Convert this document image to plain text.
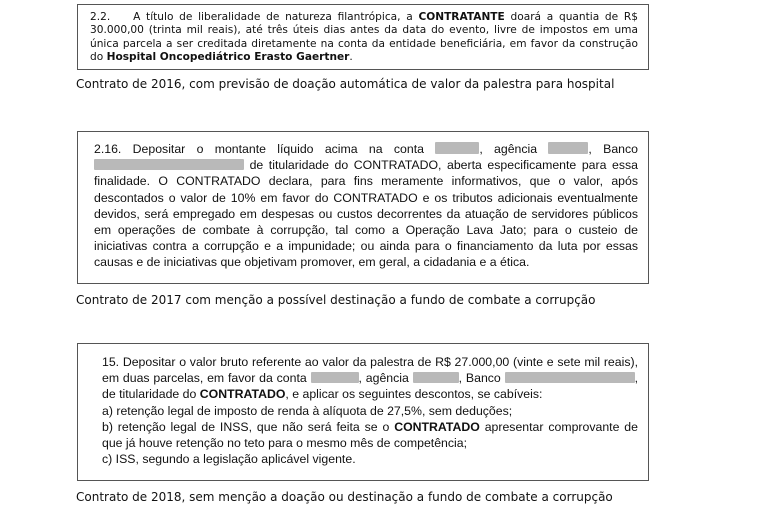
2.2. A título de liberalidade de natureza filantrópica, a CONTRATANTE doará a quantia de R$ 30.000,00 (trinta mil reais), até três úteis dias antes da data do evento, livre de impostos em uma única parcela a ser creditada diretamente na conta da entidade beneficiária, em favor da construção do Hospital Oncopediátrico Erasto Gaertner.

Contrato de 2016, com previsão de doação automática de valor da palestra para hospital

2.16. Depositar o montante líquido acima na conta	, agência	, Banco  de titularidade do CONTRATADO, aberta especificamente para essa finalidade. O CONTRATADO declara, para fins meramente informativos, que o valor, após descontados o valor de 10% em favor do CONTRATADO e os tributos adicionais eventualmente devidos, será empregado em despesas ou custos decorrentes da atuação de servidores públicos em operações de combate à corrupção, tal como a Operação Lava Jato; para o custeio de iniciativas contra a corrupção e a impunidade; ou ainda para o financiamento da luta por essas causas e de iniciativas que objetivam promover, em geral, a cidadania e a ética.

Contrato de 2017 com menção a possível destinação a fundo de combate a corrupção

15. Depositar o valor bruto referente ao valor da palestra de R$ 27.000,00 (vinte e sete mil reais), em duas parcelas, em favor da conta	, agência	, Banco	, de titularidade do CONTRATADO, e aplicar os seguintes descontos, se cabíveis:

a) retenção legal de imposto de renda à alíquota de 27,5%, sem deduções;

b) retenção legal de INSS, que não será feita se o CONTRATADO apresentar comprovante de que já houve retenção no teto para o mesmo mês de competência;

c) ISS, segundo a legislação aplicável vigente.

Contrato de 2018, sem menção a doação ou destinação a fundo de combate a corrupção
